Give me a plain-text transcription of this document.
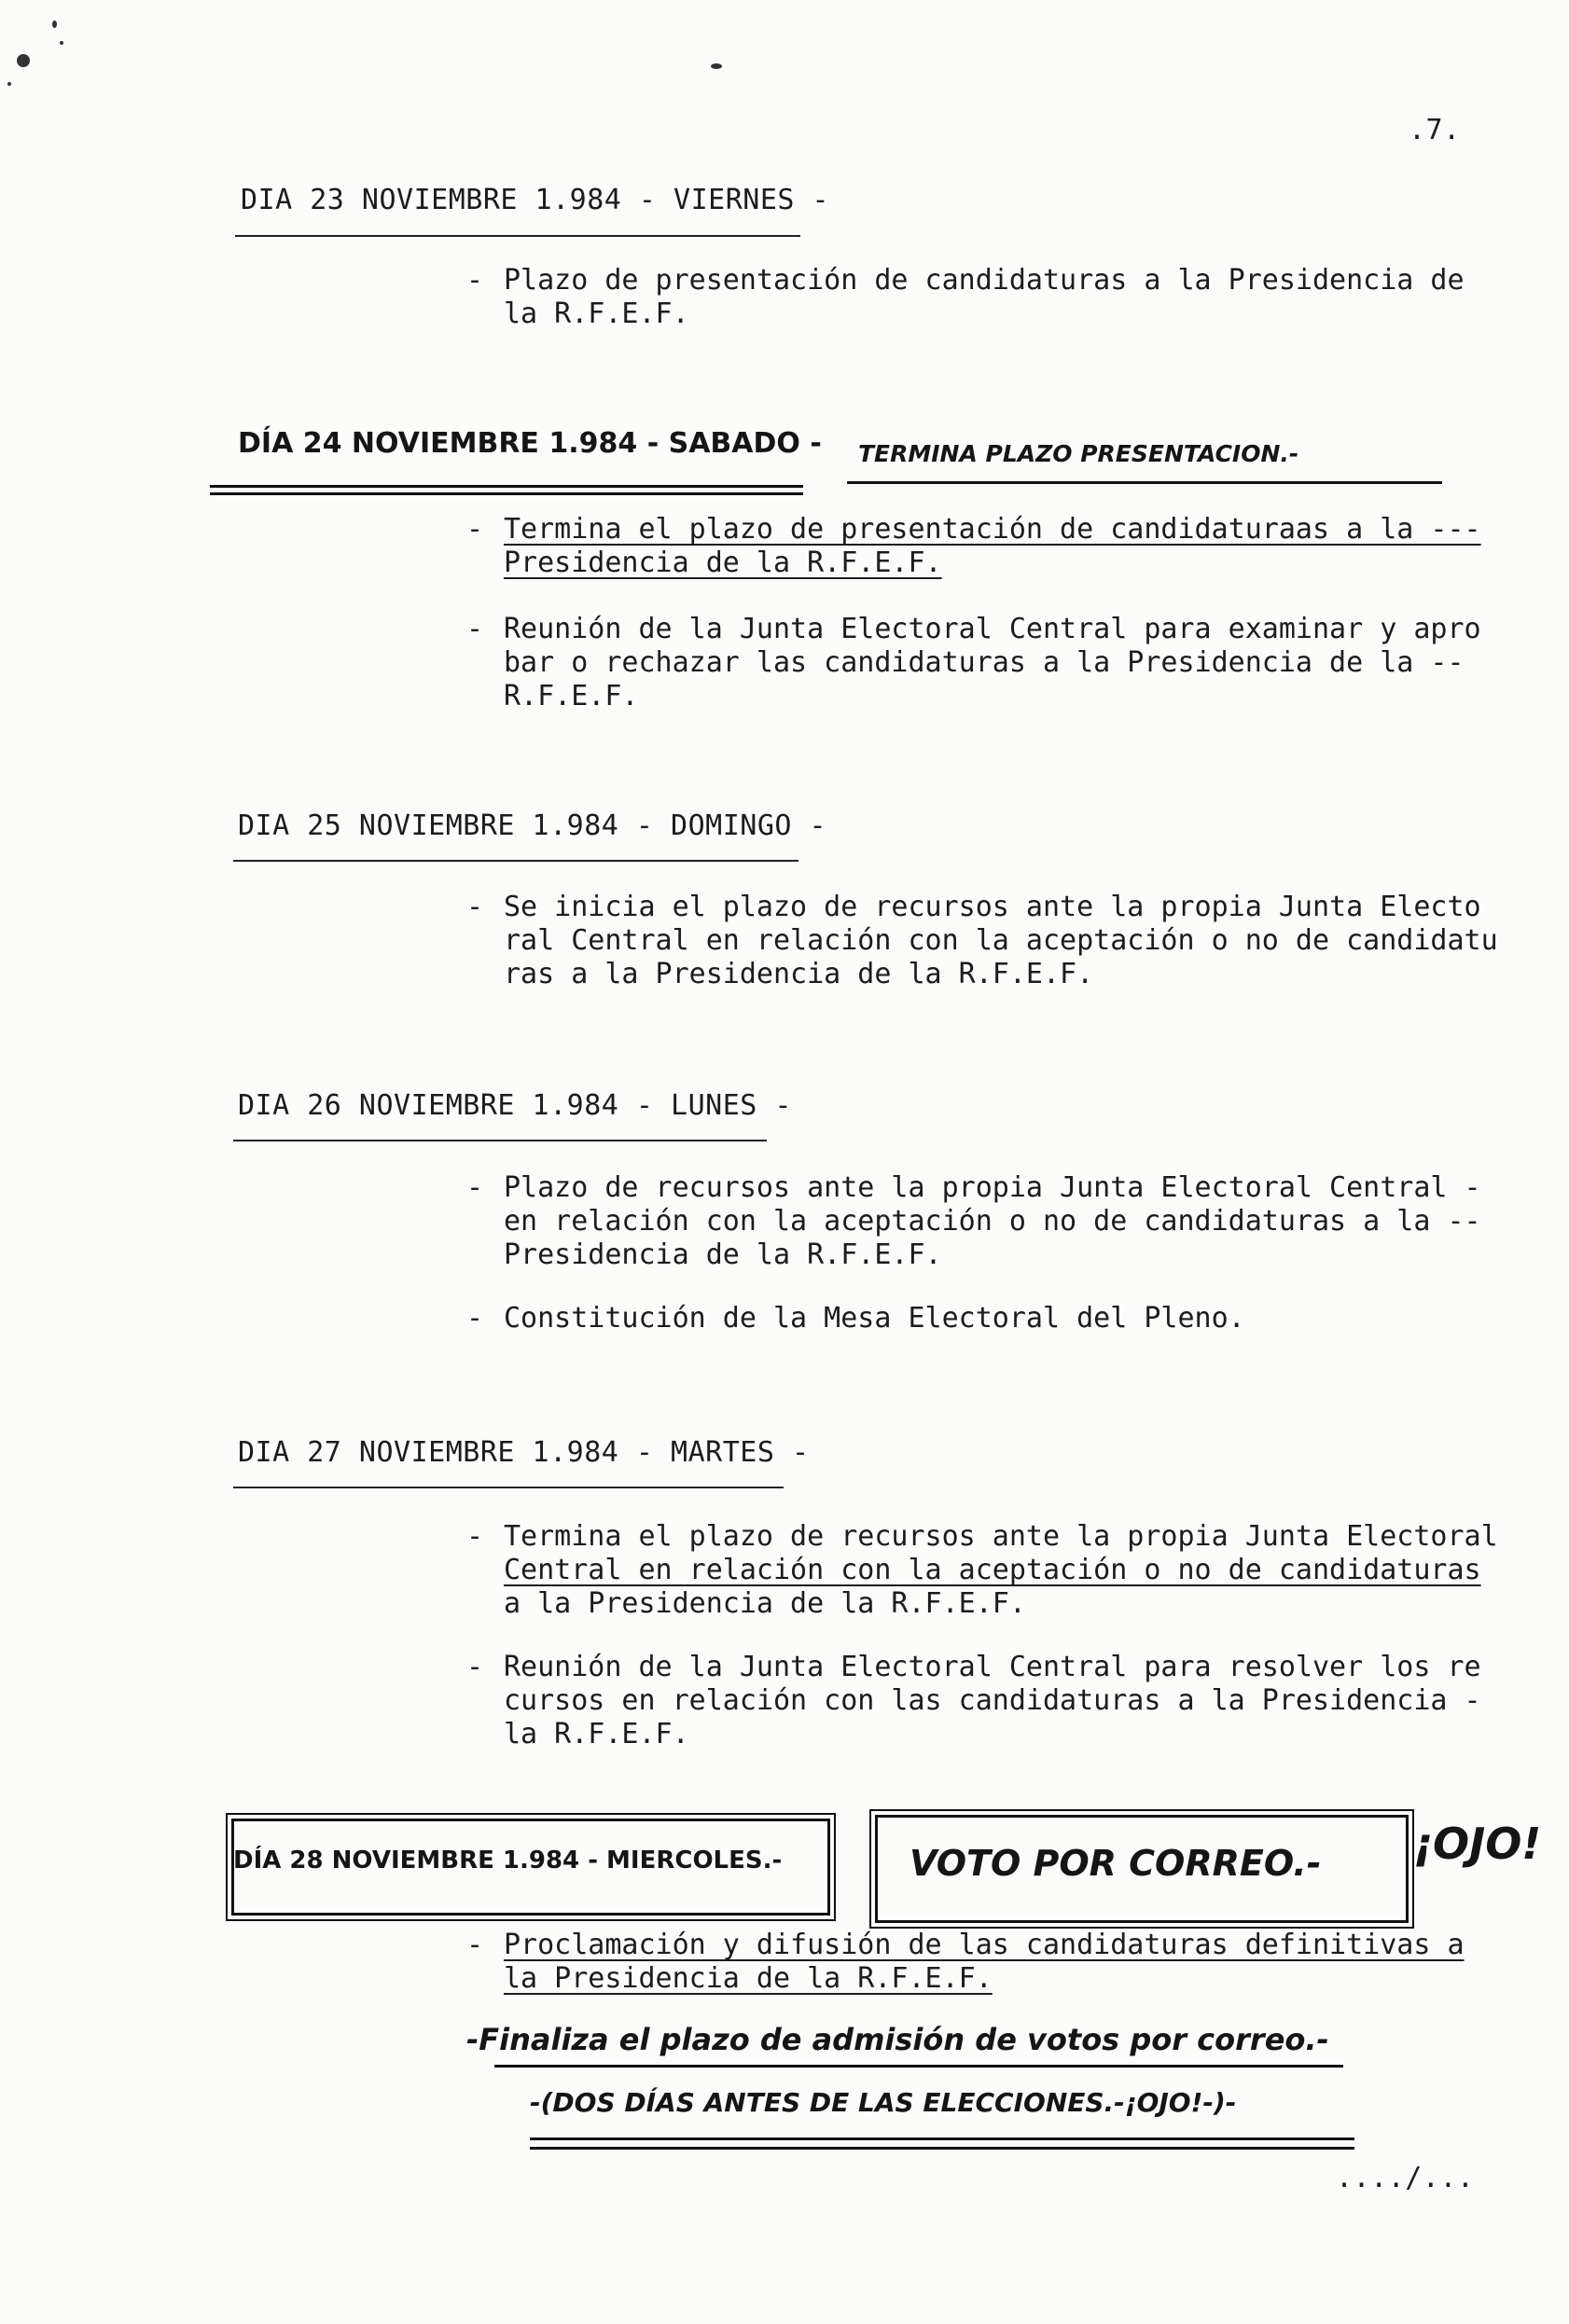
.7.
DIA 23 NOVIEMBRE 1.984 - VIERNES -
- Plazo de presentación de candidaturas a la Presidencia de
la R.F.E.F.
DÍA 24 NOVIEMBRE 1.984 - SABADO - TERMINA PLAZO PRESENTACION.-
- Termina el plazo de presentación de candidaturaas a la ---
Presidencia de la R.F.E.F.
- Reunión de la Junta Electoral Central para examinar y apro
bar o rechazar las candidaturas a la Presidencia de la --
R.F.E.F.
DIA 25 NOVIEMBRE 1.984 - DOMINGO -
- Se inicia el plazo de recursos ante la propia Junta Electo
ral Central en relación con la aceptación o no de candidatu
ras a la Presidencia de la R.F.E.F.
DIA 26 NOVIEMBRE 1.984 - LUNES -
- Plazo de recursos ante la propia Junta Electoral Central -
en relación con la aceptación o no de candidaturas a la --
Presidencia de la R.F.E.F.
- Constitución de la Mesa Electoral del Pleno.
DIA 27 NOVIEMBRE 1.984 - MARTES -
- Termina el plazo de recursos ante la propia Junta Electoral
Central en relación con la aceptación o no de candidaturas
a la Presidencia de la R.F.E.F.
- Reunión de la Junta Electoral Central para resolver los re
cursos en relación con las candidaturas a la Presidencia -
la R.F.E.F.
DÍA 28 NOVIEMBRE 1.984 - MIERCOLES.-	VOTO POR CORREO.- ¡OJO!
- Proclamación y difusión de las candidaturas definitivas a
la Presidencia de la R.F.E.F.
-Finaliza el plazo de admisión de votos por correo.-
-(DOS DÍAS ANTES DE LAS ELECCIONES.-¡OJO!-)-
..../...
